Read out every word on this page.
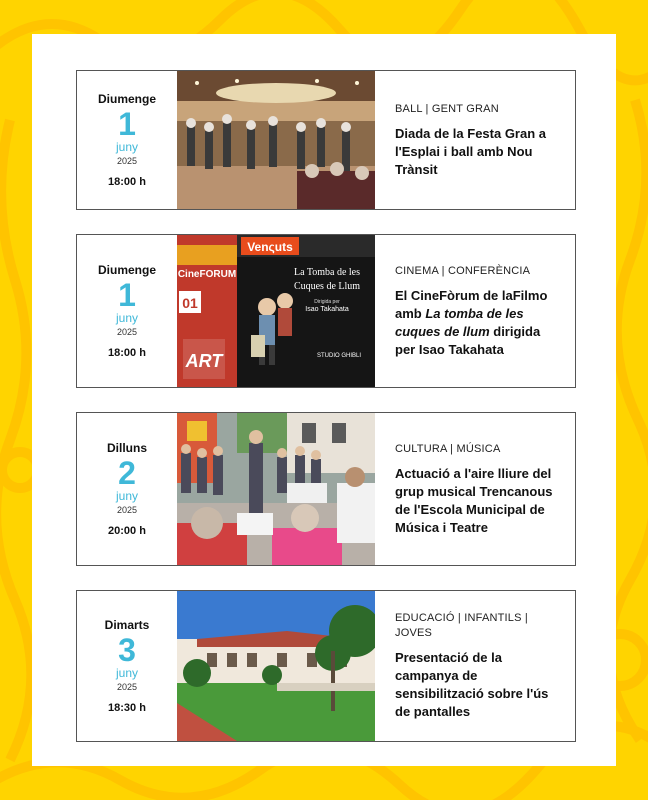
Diumenge
1
juny
2025
18:00 h
BALL | GENT GRAN
Diada de la Festa Gran a l'Esplai i ball amb Nou Trànsit
Diumenge
1
juny
2025
18:00 h
Venςuts
CineFORUM
01
La Tomba de les
Cuques de Llum
Dirigida per
Isao Takahata
STUDIO GHIBLI
ART
CINEMA | CONFERÈNCIA
El CineFòrum de laFilmo amb La tomba de les cuques de llum dirigida per Isao Takahata
Dilluns
2
juny
2025
20:00 h
CULTURA | MÚSICA
Actuació a l'aire lliure del grup musical Trencanous de l'Escola Municipal de Música i Teatre
Dimarts
3
juny
2025
18:30 h
EDUCACIÓ | INFANTILS | JOVES
Presentació de la campanya de sensibilització sobre l'ús de pantalles
